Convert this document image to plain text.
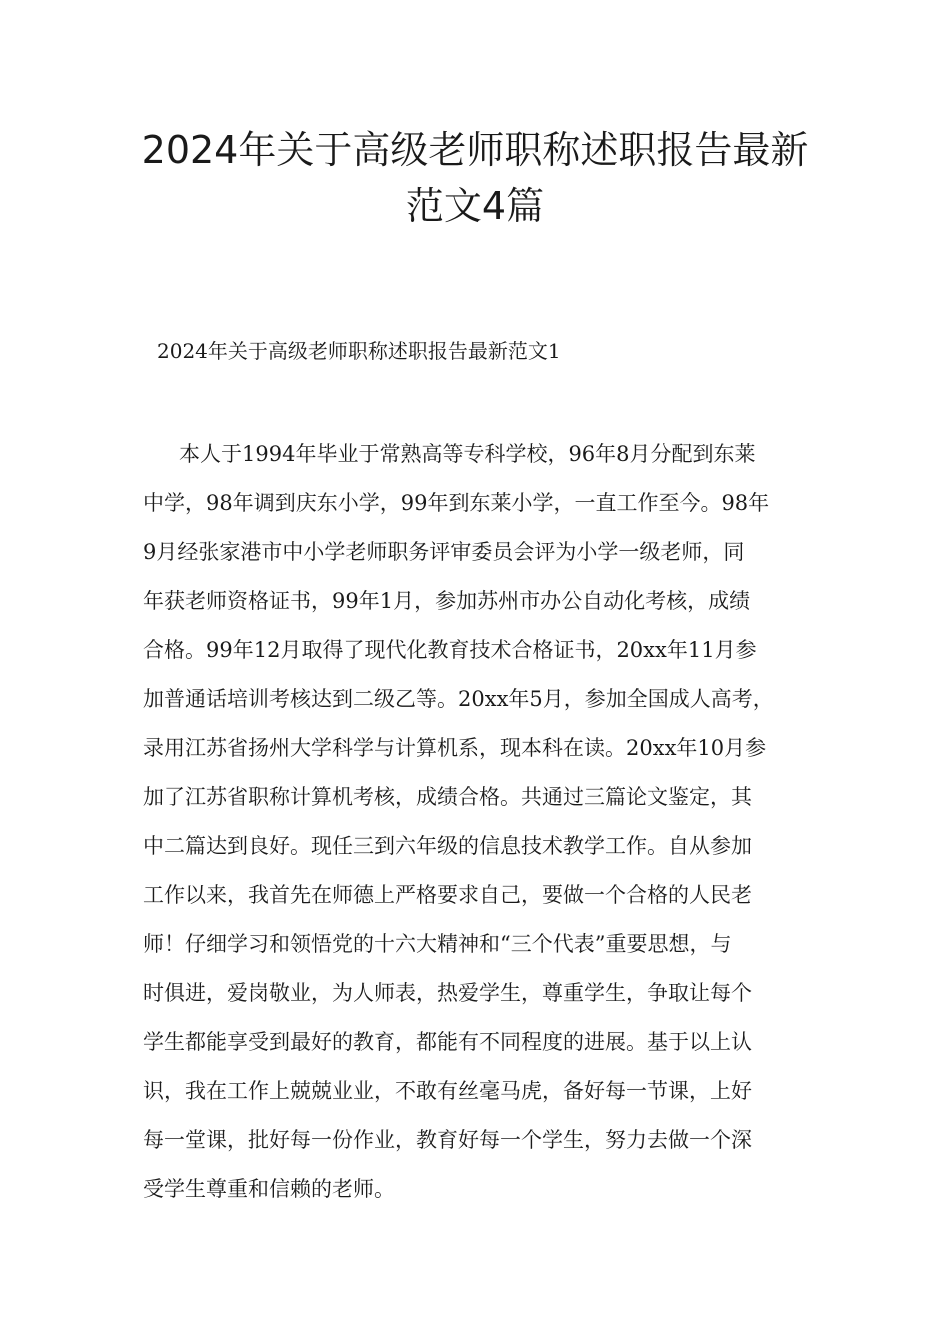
2024年关于高级老师职称述职报告最新
范文4篇

2024年关于高级老师职称述职报告最新范文1

本人于1994年毕业于常熟高等专科学校，96年8月分配到东莱
中学，98年调到庆东小学，99年到东莱小学，一直工作至今。98年
9月经张家港市中小学老师职务评审委员会评为小学一级老师，同
年获老师资格证书，99年1月，参加苏州市办公自动化考核，成绩
合格。99年12月取得了现代化教育技术合格证书，20xx年11月参
加普通话培训考核达到二级乙等。20xx年5月，参加全国成人高考，
录用江苏省扬州大学科学与计算机系，现本科在读。20xx年10月参
加了江苏省职称计算机考核，成绩合格。共通过三篇论文鉴定，其
中二篇达到良好。现任三到六年级的信息技术教学工作。自从参加
工作以来，我首先在师德上严格要求自己，要做一个合格的人民老
师！仔细学习和领悟党的十六大精神和“三个代表”重要思想，与
时俱进，爱岗敬业，为人师表，热爱学生，尊重学生，争取让每个
学生都能享受到最好的教育，都能有不同程度的进展。基于以上认
识，我在工作上兢兢业业，不敢有丝毫马虎，备好每一节课，上好
每一堂课，批好每一份作业，教育好每一个学生，努力去做一个深
受学生尊重和信赖的老师。
